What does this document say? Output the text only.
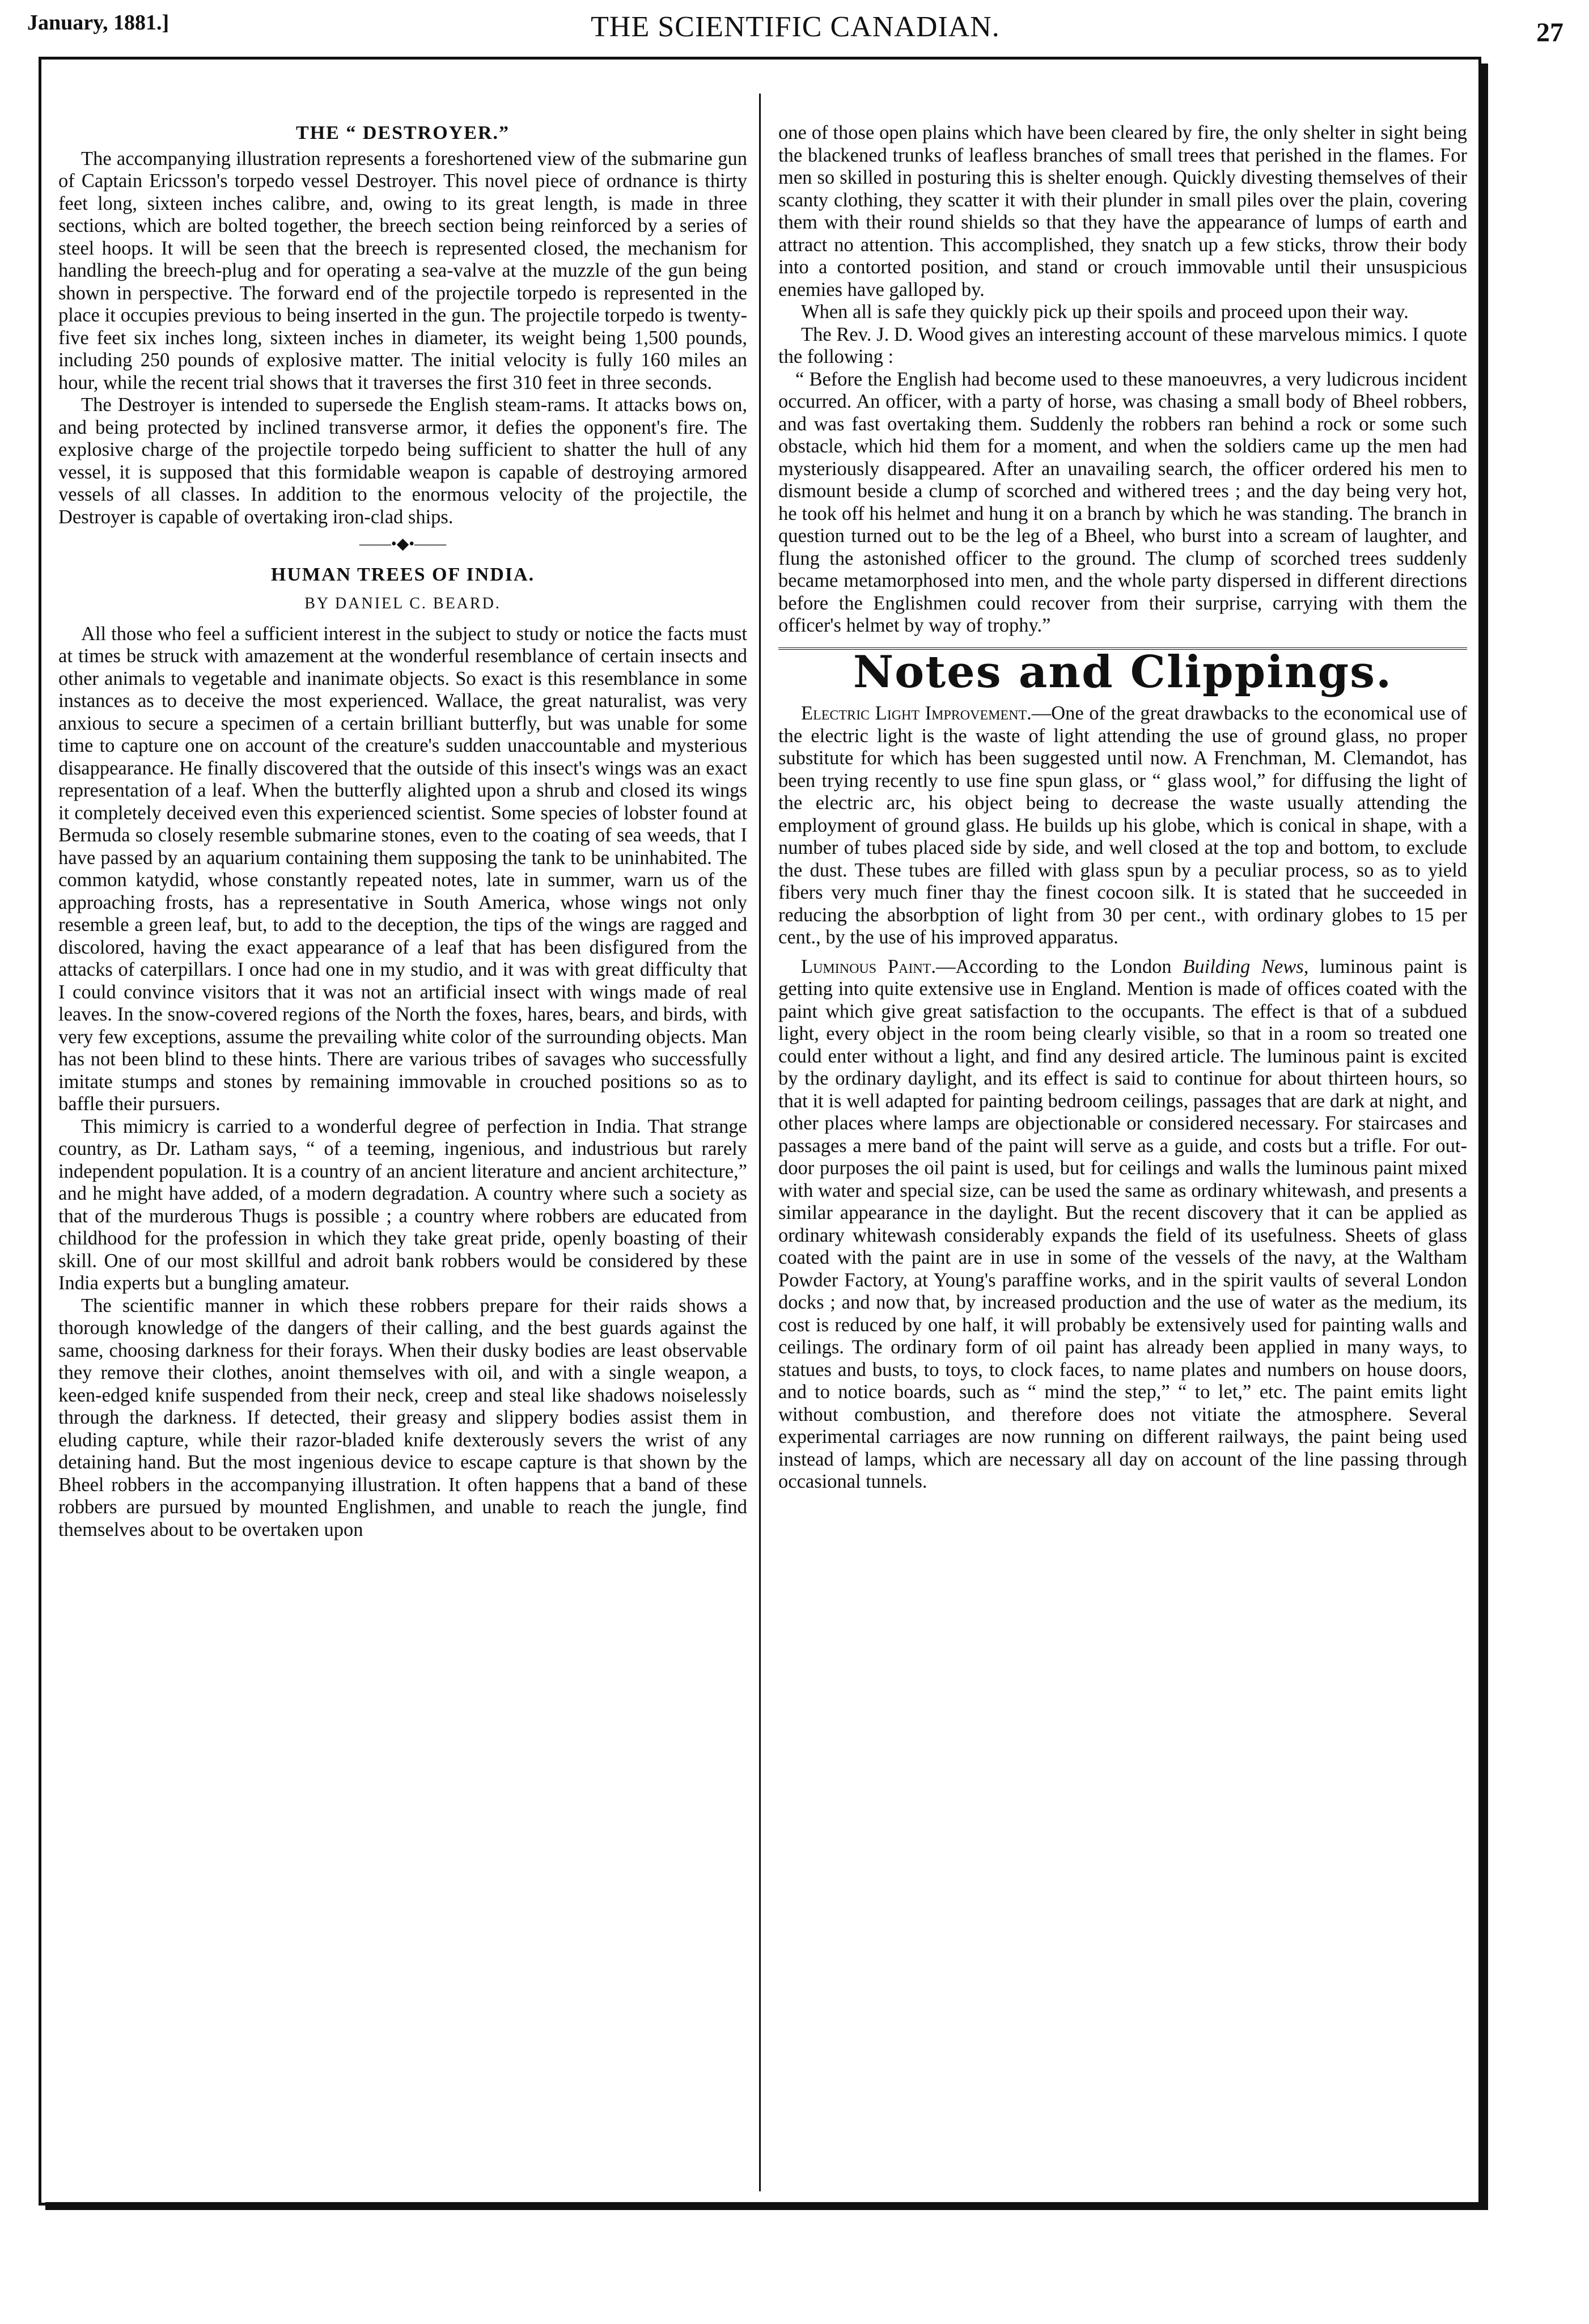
January, 1881.]	THE SCIENTIFIC CANADIAN.	27
THE “ DESTROYER.”

The accompanying illustration represents a foreshortened view of the submarine gun of Captain Ericsson's torpedo vessel Destroyer. This novel piece of ordnance is thirty feet long, sixteen inches calibre, and, owing to its great length, is made in three sections, which are bolted together, the breech section being reinforced by a series of steel hoops. It will be seen that the breech is represented closed, the mechanism for handling the breech-plug and for operating a sea-valve at the muzzle of the gun being shown in perspective. The forward end of the projectile torpedo is represented in the place it occupies previous to being inserted in the gun. The projectile torpedo is twenty-five feet six inches long, sixteen inches in diameter, its weight being 1,500 pounds, including 250 pounds of explosive matter. The initial velocity is fully 160 miles an hour, while the recent trial shows that it traverses the first 310 feet in three seconds.

The Destroyer is intended to supersede the English steam-rams. It attacks bows on, and being protected by inclined transverse armor, it defies the opponent's fire. The explosive charge of the projectile torpedo being sufficient to shatter the hull of any vessel, it is supposed that this formidable weapon is capable of destroying armored vessels of all classes. In addition to the enormous velocity of the projectile, the Destroyer is capable of overtaking iron-clad ships.

——•◆•——
HUMAN TREES OF INDIA.
BY DANIEL C. BEARD.

All those who feel a sufficient interest in the subject to study or notice the facts must at times be struck with amazement at the wonderful resemblance of certain insects and other animals to vegetable and inanimate objects. So exact is this resemblance in some instances as to deceive the most experienced. Wallace, the great naturalist, was very anxious to secure a specimen of a certain brilliant butterfly, but was unable for some time to capture one on account of the creature's sudden unaccountable and mysterious disappearance. He finally discovered that the outside of this insect's wings was an exact representation of a leaf. When the butterfly alighted upon a shrub and closed its wings it completely deceived even this experienced scientist. Some species of lobster found at Bermuda so closely resemble submarine stones, even to the coating of sea weeds, that I have passed by an aquarium containing them supposing the tank to be uninhabited. The common katydid, whose constantly repeated notes, late in summer, warn us of the approaching frosts, has a representative in South America, whose wings not only resemble a green leaf, but, to add to the deception, the tips of the wings are ragged and discolored, having the exact appearance of a leaf that has been disfigured from the attacks of caterpillars. I once had one in my studio, and it was with great difficulty that I could convince visitors that it was not an artificial insect with wings made of real leaves. In the snow-covered regions of the North the foxes, hares, bears, and birds, with very few exceptions, assume the prevailing white color of the surrounding objects. Man has not been blind to these hints. There are various tribes of savages who successfully imitate stumps and stones by remaining immovable in crouched positions so as to baffle their pursuers.

This mimicry is carried to a wonderful degree of perfection in India. That strange country, as Dr. Latham says, “ of a teeming, ingenious, and industrious but rarely independent population. It is a country of an ancient literature and ancient architecture,” and he might have added, of a modern degradation. A country where such a society as that of the murderous Thugs is possible ; a country where robbers are educated from childhood for the profession in which they take great pride, openly boasting of their skill. One of our most skillful and adroit bank robbers would be considered by these India experts but a bungling amateur.

The scientific manner in which these robbers prepare for their raids shows a thorough knowledge of the dangers of their calling, and the best guards against the same, choosing darkness for their forays. When their dusky bodies are least observable they remove their clothes, anoint themselves with oil, and with a single weapon, a keen-edged knife suspended from their neck, creep and steal like shadows noiselessly through the darkness. If detected, their greasy and slippery bodies assist them in eluding capture, while their razor-bladed knife dexterously severs the wrist of any detaining hand. But the most ingenious device to escape capture is that shown by the Bheel robbers in the accompanying illustration. It often happens that a band of these robbers are pursued by mounted Englishmen, and unable to reach the jungle, find themselves about to be overtaken upon

one of those open plains which have been cleared by fire, the only shelter in sight being the blackened trunks of leafless branches of small trees that perished in the flames. For men so skilled in posturing this is shelter enough. Quickly divesting themselves of their scanty clothing, they scatter it with their plunder in small piles over the plain, covering them with their round shields so that they have the appearance of lumps of earth and attract no attention. This accomplished, they snatch up a few sticks, throw their body into a contorted position, and stand or crouch immovable until their unsuspicious enemies have galloped by.

When all is safe they quickly pick up their spoils and proceed upon their way.

The Rev. J. D. Wood gives an interesting account of these marvelous mimics. I quote the following :

“ Before the English had become used to these manoeuvres, a very ludicrous incident occurred. An officer, with a party of horse, was chasing a small body of Bheel robbers, and was fast overtaking them. Suddenly the robbers ran behind a rock or some such obstacle, which hid them for a moment, and when the soldiers came up the men had mysteriously disappeared. After an unavailing search, the officer ordered his men to dismount beside a clump of scorched and withered trees ; and the day being very hot, he took off his helmet and hung it on a branch by which he was standing. The branch in question turned out to be the leg of a Bheel, who burst into a scream of laughter, and flung the astonished officer to the ground. The clump of scorched trees suddenly became metamorphosed into men, and the whole party dispersed in different directions before the Englishmen could recover from their surprise, carrying with them the officer's helmet by way of trophy.”

Notes and Clippings.

Electric Light Improvement.—One of the great drawbacks to the economical use of the electric light is the waste of light attending the use of ground glass, no proper substitute for which has been suggested until now. A Frenchman, M. Clemandot, has been trying recently to use fine spun glass, or “ glass wool,” for diffusing the light of the electric arc, his object being to decrease the waste usually attending the employment of ground glass. He builds up his globe, which is conical in shape, with a number of tubes placed side by side, and well closed at the top and bottom, to exclude the dust. These tubes are filled with glass spun by a peculiar process, so as to yield fibers very much finer thay the finest cocoon silk. It is stated that he succeeded in reducing the absorbption of light from 30 per cent., with ordinary globes to 15 per cent., by the use of his improved apparatus.

Luminous Paint.—According to the London Building News, luminous paint is getting into quite extensive use in England. Mention is made of offices coated with the paint which give great satisfaction to the occupants. The effect is that of a subdued light, every object in the room being clearly visible, so that in a room so treated one could enter without a light, and find any desired article. The luminous paint is excited by the ordinary daylight, and its effect is said to continue for about thirteen hours, so that it is well adapted for painting bedroom ceilings, passages that are dark at night, and other places where lamps are objectionable or considered necessary. For staircases and passages a mere band of the paint will serve as a guide, and costs but a trifle. For out-door purposes the oil paint is used, but for ceilings and walls the luminous paint mixed with water and special size, can be used the same as ordinary whitewash, and presents a similar appearance in the daylight. But the recent discovery that it can be applied as ordinary whitewash considerably expands the field of its usefulness. Sheets of glass coated with the paint are in use in some of the vessels of the navy, at the Waltham Powder Factory, at Young's paraffine works, and in the spirit vaults of several London docks ; and now that, by increased production and the use of water as the medium, its cost is reduced by one half, it will probably be extensively used for painting walls and ceilings. The ordinary form of oil paint has already been applied in many ways, to statues and busts, to toys, to clock faces, to name plates and numbers on house doors, and to notice boards, such as “ mind the step,” “ to let,” etc. The paint emits light without combustion, and therefore does not vitiate the atmosphere. Several experimental carriages are now running on different railways, the paint being used instead of lamps, which are necessary all day on account of the line passing through occasional tunnels.
